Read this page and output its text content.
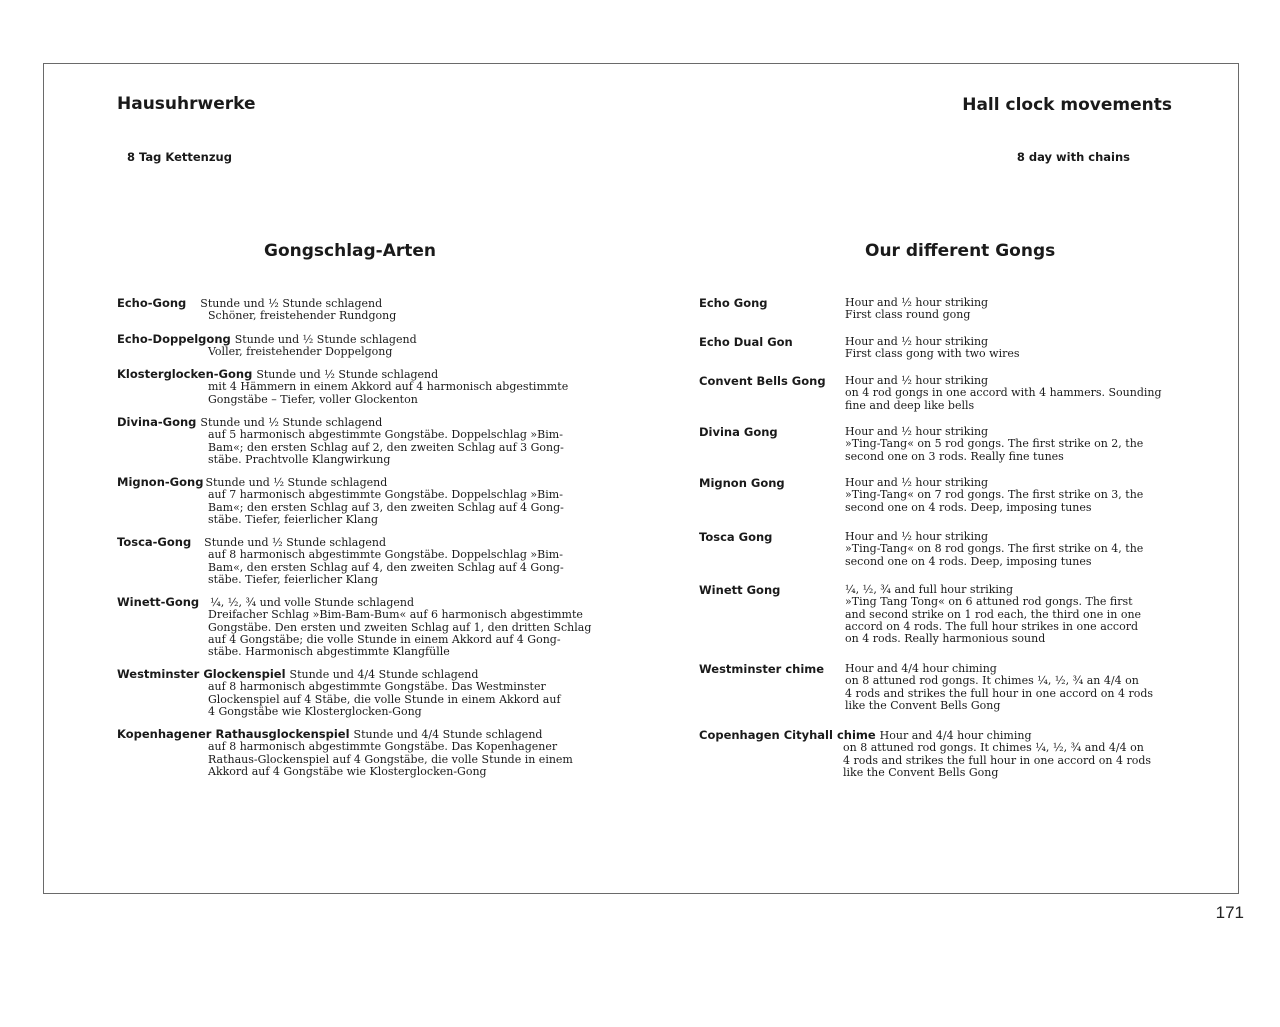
Hausuhrwerke
8 Tag Kettenzug
Hall clock movements
8 day with chains
Gongschlag-Arten	Our different Gongs
Echo-Gong Stunde und ½ Stunde schlagend
Schöner, freistehender Rundgong
Echo-Doppelgong Stunde und ½ Stunde schlagend
Voller, freistehender Doppelgong
Klosterglocken-Gong Stunde und ½ Stunde schlagend
mit 4 Hämmern in einem Akkord auf 4 harmonisch abgestimmte
Gongstäbe – Tiefer, voller Glockenton
Divina-Gong Stunde und ½ Stunde schlagend
auf 5 harmonisch abgestimmte Gongstäbe. Doppelschlag »Bim-
Bam«; den ersten Schlag auf 2, den zweiten Schlag auf 3 Gong-
stäbe. Prachtvolle Klangwirkung
Mignon-Gong Stunde und ½ Stunde schlagend
auf 7 harmonisch abgestimmte Gongstäbe. Doppelschlag »Bim-
Bam«; den ersten Schlag auf 3, den zweiten Schlag auf 4 Gong-
stäbe. Tiefer, feierlicher Klang
Tosca-Gong Stunde und ½ Stunde schlagend
auf 8 harmonisch abgestimmte Gongstäbe. Doppelschlag »Bim-
Bam«, den ersten Schlag auf 4, den zweiten Schlag auf 4 Gong-
stäbe. Tiefer, feierlicher Klang
Winett-Gong ¼, ½, ¾ und volle Stunde schlagend
Dreifacher Schlag »Bim-Bam-Bum« auf 6 harmonisch abgestimmte
Gongstäbe. Den ersten und zweiten Schlag auf 1, den dritten Schlag
auf 4 Gongstäbe; die volle Stunde in einem Akkord auf 4 Gong-
stäbe. Harmonisch abgestimmte Klangfülle
Westminster Glockenspiel Stunde und 4/4 Stunde schlagend
auf 8 harmonisch abgestimmte Gongstäbe. Das Westminster
Glockenspiel auf 4 Stäbe, die volle Stunde in einem Akkord auf
4 Gongstäbe wie Klosterglocken-Gong
Kopenhagener Rathausglockenspiel Stunde und 4/4 Stunde schlagend
auf 8 harmonisch abgestimmte Gongstäbe. Das Kopenhagener
Rathaus-Glockenspiel auf 4 Gongstäbe, die volle Stunde in einem
Akkord auf 4 Gongstäbe wie Klosterglocken-Gong
Echo Gong	Hour and ½ hour striking
First class round gong
Echo Dual Gon	Hour and ½ hour striking
First class gong with two wires
Convent Bells Gong Hour and ½ hour striking
on 4 rod gongs in one accord with 4 hammers. Sounding
fine and deep like bells
Divina Gong	Hour and ½ hour striking
»Ting-Tang« on 5 rod gongs. The first strike on 2, the
second one on 3 rods. Really fine tunes
Mignon Gong	Hour and ½ hour striking
»Ting-Tang« on 7 rod gongs. The first strike on 3, the
second one on 4 rods. Deep, imposing tunes
Tosca Gong	Hour and ½ hour striking
»Ting-Tang« on 8 rod gongs. The first strike on 4, the
second one on 4 rods. Deep, imposing tunes
Winett Gong	¼, ½, ¾ and full hour striking
»Ting Tang Tong« on 6 attuned rod gongs. The first
and second strike on 1 rod each, the third one in one
accord on 4 rods. The full hour strikes in one accord
on 4 rods. Really harmonious sound
Westminster chime Hour and 4/4 hour chiming
on 8 attuned rod gongs. It chimes ¼, ½, ¾ an 4/4 on
4 rods and strikes the full hour in one accord on 4 rods
like the Convent Bells Gong
Copenhagen Cityhall chime Hour and 4/4 hour chiming
on 8 attuned rod gongs. It chimes ¼, ½, ¾ and 4/4 on
4 rods and strikes the full hour in one accord on 4 rods
like the Convent Bells Gong
171
